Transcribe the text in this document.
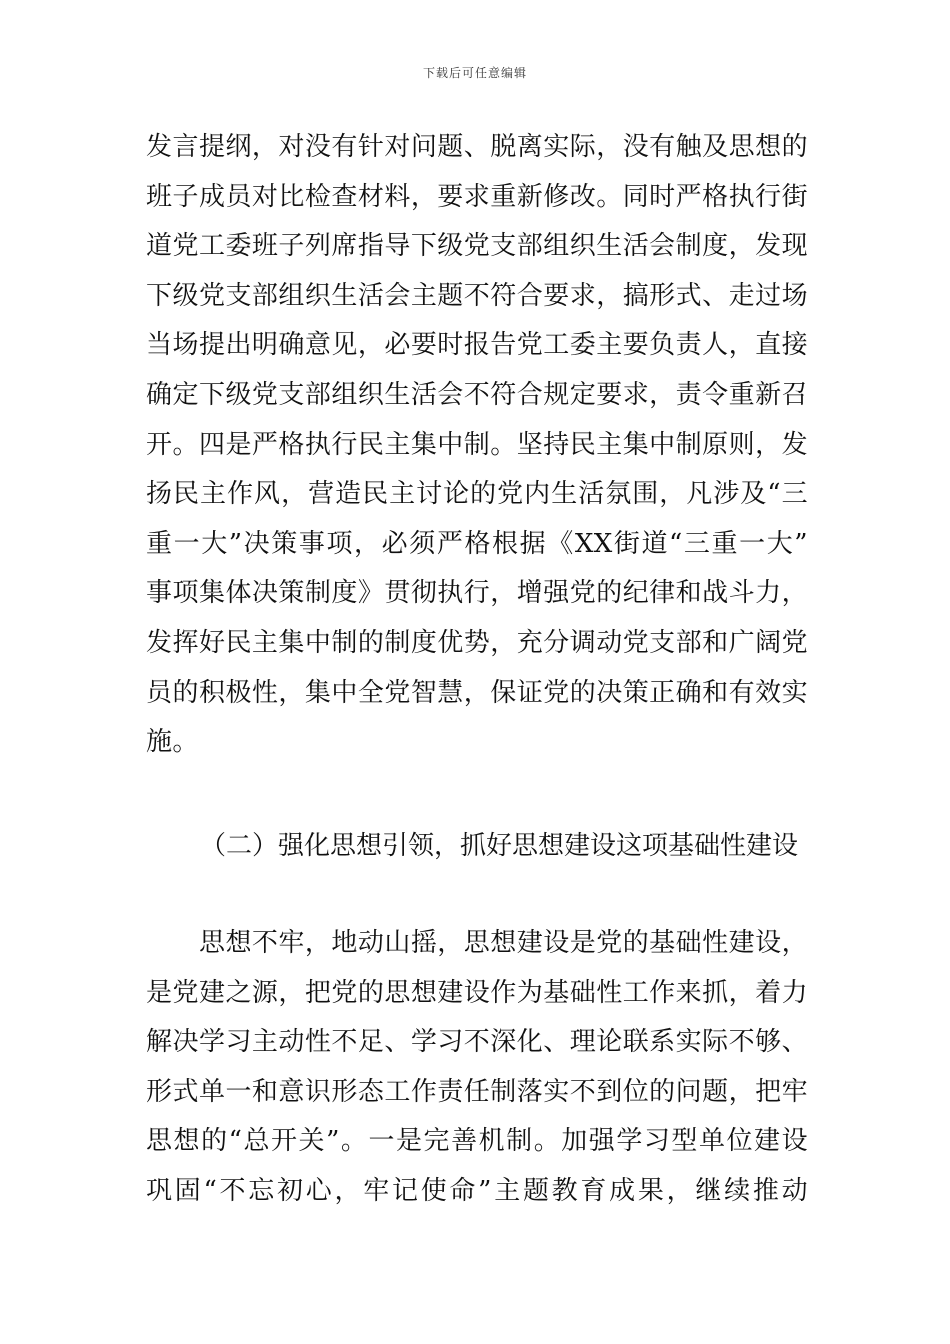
下载后可任意编辑
发言提纲，对没有针对问题、脱离实际，没有触及思想的
班子成员对比检查材料，要求重新修改。同时严格执行街
道党工委班子列席指导下级党支部组织生活会制度，发现
下级党支部组织生活会主题不符合要求，搞形式、走过场
当场提出明确意见，必要时报告党工委主要负责人，直接
确定下级党支部组织生活会不符合规定要求，责令重新召
开。四是严格执行民主集中制。坚持民主集中制原则，发
扬民主作风，营造民主讨论的党内生活氛围，凡涉及“三
重一大”决策事项，必须严格根据《XX街道“三重一大”
事项集体决策制度》贯彻执行，增强党的纪律和战斗力，
发挥好民主集中制的制度优势，充分调动党支部和广阔党
员的积极性，集中全党智慧，保证党的决策正确和有效实
施。
（二）强化思想引领，抓好思想建设这项基础性建设
　　思想不牢，地动山摇，思想建设是党的基础性建设，
是党建之源，把党的思想建设作为基础性工作来抓，着力
解决学习主动性不足、学习不深化、理论联系实际不够、
形式单一和意识形态工作责任制落实不到位的问题，把牢
思想的“总开关”。一是完善机制。加强学习型单位建设
巩固“不忘初心，牢记使命”主题教育成果，继续推动
